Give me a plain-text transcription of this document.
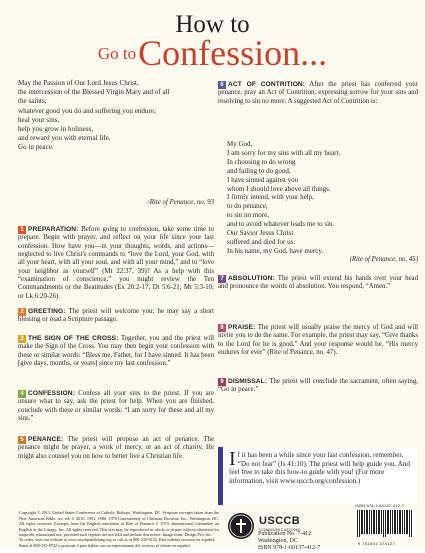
How to
Go toConfession...
May the Passion of Our Lord Jesus Christ,
the intercession of the Blessed Virgin Mary and of all
the saints,
whatever good you do and suffering you endure,
heal your sins,
help you grow in holiness,
and reward you with eternal life.
Go in peace.
–Rite of Penance, no. 93
1 PREPARATION: Before going to confession, take some time to prepare. Begin with prayer, and reflect on your life since your last confession. How have you—in your thoughts, words, and actions—neglected to live Christ's commands to “love the Lord, your God, with all your heart, with all your soul, and with all your mind,” and to “love your neighbor as yourself” (Mt 22:37, 39)? As a help with this “examination of conscience,” you might review the Ten Commandments or the Beatitudes (Ex 20:2-17; Dt 5:6-21; Mt 5:3-10; or Lk 6:20-26).
2 GREETING: The priest will welcome you; he may say a short blessing or read a Scripture passage.
3 THE SIGN OF THE CROSS: Together, you and the priest will make the Sign of the Cross. You may then begin your confession with these or similar words: “Bless me, Father, for I have sinned. It has been [give days, months, or years] since my last confession.”
4 CONFESSION: Confess all your sins to the priest. If you are unsure what to say, ask the priest for help. When you are finished, conclude with these or similar words: “I am sorry for these and all my sins.”
5 PENANCE: The priest will propose an act of penance. The penance might be prayer, a work of mercy, or an act of charity. He might also counsel you on how to better live a Christian life.
6 ACT OF CONTRITION: After the priest has conferred your penance, pray an Act of Contrition, expressing sorrow for your sins and resolving to sin no more. A suggested Act of Contrition is:
My God,
I am sorry for my sins with all my heart.
In choosing to do wrong
and failing to do good,
I have sinned against you
whom I should love above all things.
I firmly intend, with your help,
to do penance,
to sin no more,
and to avoid whatever leads me to sin.
Our Savior Jesus Christ
suffered and died for us.
In his name, my God, have mercy.
(Rite of Penance, no. 45)
7 ABSOLUTION: The priest will extend his hands over your head and pronounce the words of absolution. You respond, “Amen.”
8 PRAISE: The priest will usually praise the mercy of God and will invite you to do the same. For example, the priest may say, “Give thanks to the Lord for he is good.” And your response would be, “His mercy endures for ever” (Rite of Penance, no. 47).
9 DISMISSAL: The priest will conclude the sacrament, often saying, “Go in peace.”
If it has been a while since your last confession, remember, “Do not fear” (Is 41:10). The priest will help guide you. And feel free to take this how-to guide with you! (For more information, visit www.usccb.org/confession.)
Copyright © 2013, United States Conference of Catholic Bishops, Washington, DC. Scripture excerpts taken from the New American Bible, rev. ed. © 2010, 1991, 1986, 1970 Confraternity of Christian Doctrine, Inc., Washington, DC. All rights reserved. Excerpts from the English translation of Rite of Penance © 1974, International Committee on English in the Liturgy, Inc. All rights reserved. This text may be reproduced in whole or in part without alteration for nonprofit educational use, provided such reprints are not sold and include this notice. Image from: Design Pics Inc.
To order, visit our website at www.usccbpublishing.org or call us at 800-235-8722. Para ordenar recursos en español, llame al 800-235-8722 y presione 4 para hablar con un representante del servicio al cliente en español.
USCCB
COMMUNICATIONS
Publication No. 7-412
ISBN 978-1-60137-412-7
Washington, DC
ISBN 978-1-60137-412-7
9 781601 374127
